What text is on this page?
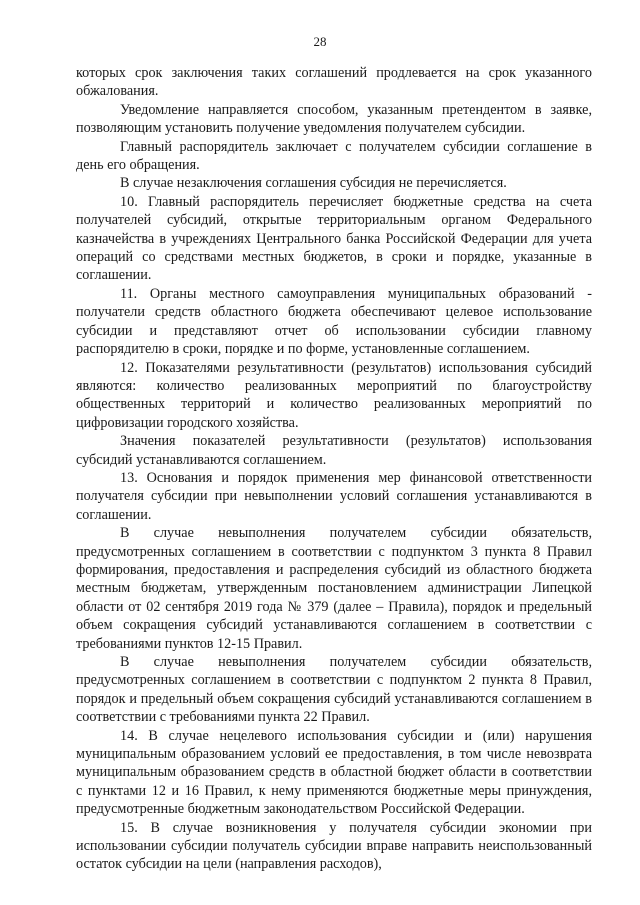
28

которых срок заключения таких соглашений продлевается на срок указанного обжалования.

Уведомление направляется способом, указанным претендентом в заявке, позволяющим установить получение уведомления получателем субсидии.

Главный распорядитель заключает с получателем субсидии соглашение в день его обращения.

В случае незаключения соглашения субсидия не перечисляется.

10. Главный распорядитель перечисляет бюджетные средства на счета получателей субсидий, открытые территориальным органом Федерального казначейства в учреждениях Центрального банка Российской Федерации для учета операций со средствами местных бюджетов, в сроки и порядке, указанные в соглашении.

11. Органы местного самоуправления муниципальных образований - получатели средств областного бюджета обеспечивают целевое использование субсидии и представляют отчет об использовании субсидии главному распорядителю в сроки, порядке и по форме, установленные соглашением.

12. Показателями результативности (результатов) использования субсидий являются: количество реализованных мероприятий по благоустройству общественных территорий и количество реализованных мероприятий по цифровизации городского хозяйства.

Значения показателей результативности (результатов) использования субсидий устанавливаются соглашением.

13. Основания и порядок применения мер финансовой ответственности получателя субсидии при невыполнении условий соглашения устанавливаются в соглашении.

В случае невыполнения получателем субсидии обязательств, предусмотренных соглашением в соответствии с подпунктом 3 пункта 8 Правил формирования, предоставления и распределения субсидий из областного бюджета местным бюджетам, утвержденным постановлением администрации Липецкой области от 02 сентября 2019 года № 379 (далее – Правила), порядок и предельный объем сокращения субсидий устанавливаются соглашением в соответствии с требованиями пунктов 12-15 Правил.

В случае невыполнения получателем субсидии обязательств, предусмотренных соглашением в соответствии с подпунктом 2 пункта 8 Правил, порядок и предельный объем сокращения субсидий устанавливаются соглашением в соответствии с требованиями пункта 22 Правил.

14. В случае нецелевого использования субсидии и (или) нарушения муниципальным образованием условий ее предоставления, в том числе невозврата муниципальным образованием средств в областной бюджет области в соответствии с пунктами 12 и 16 Правил, к нему применяются бюджетные меры принуждения, предусмотренные бюджетным законодательством Российской Федерации.

15. В случае возникновения у получателя субсидии экономии при использовании субсидии получатель субсидии вправе направить неиспользованный остаток субсидии на цели (направления расходов),
